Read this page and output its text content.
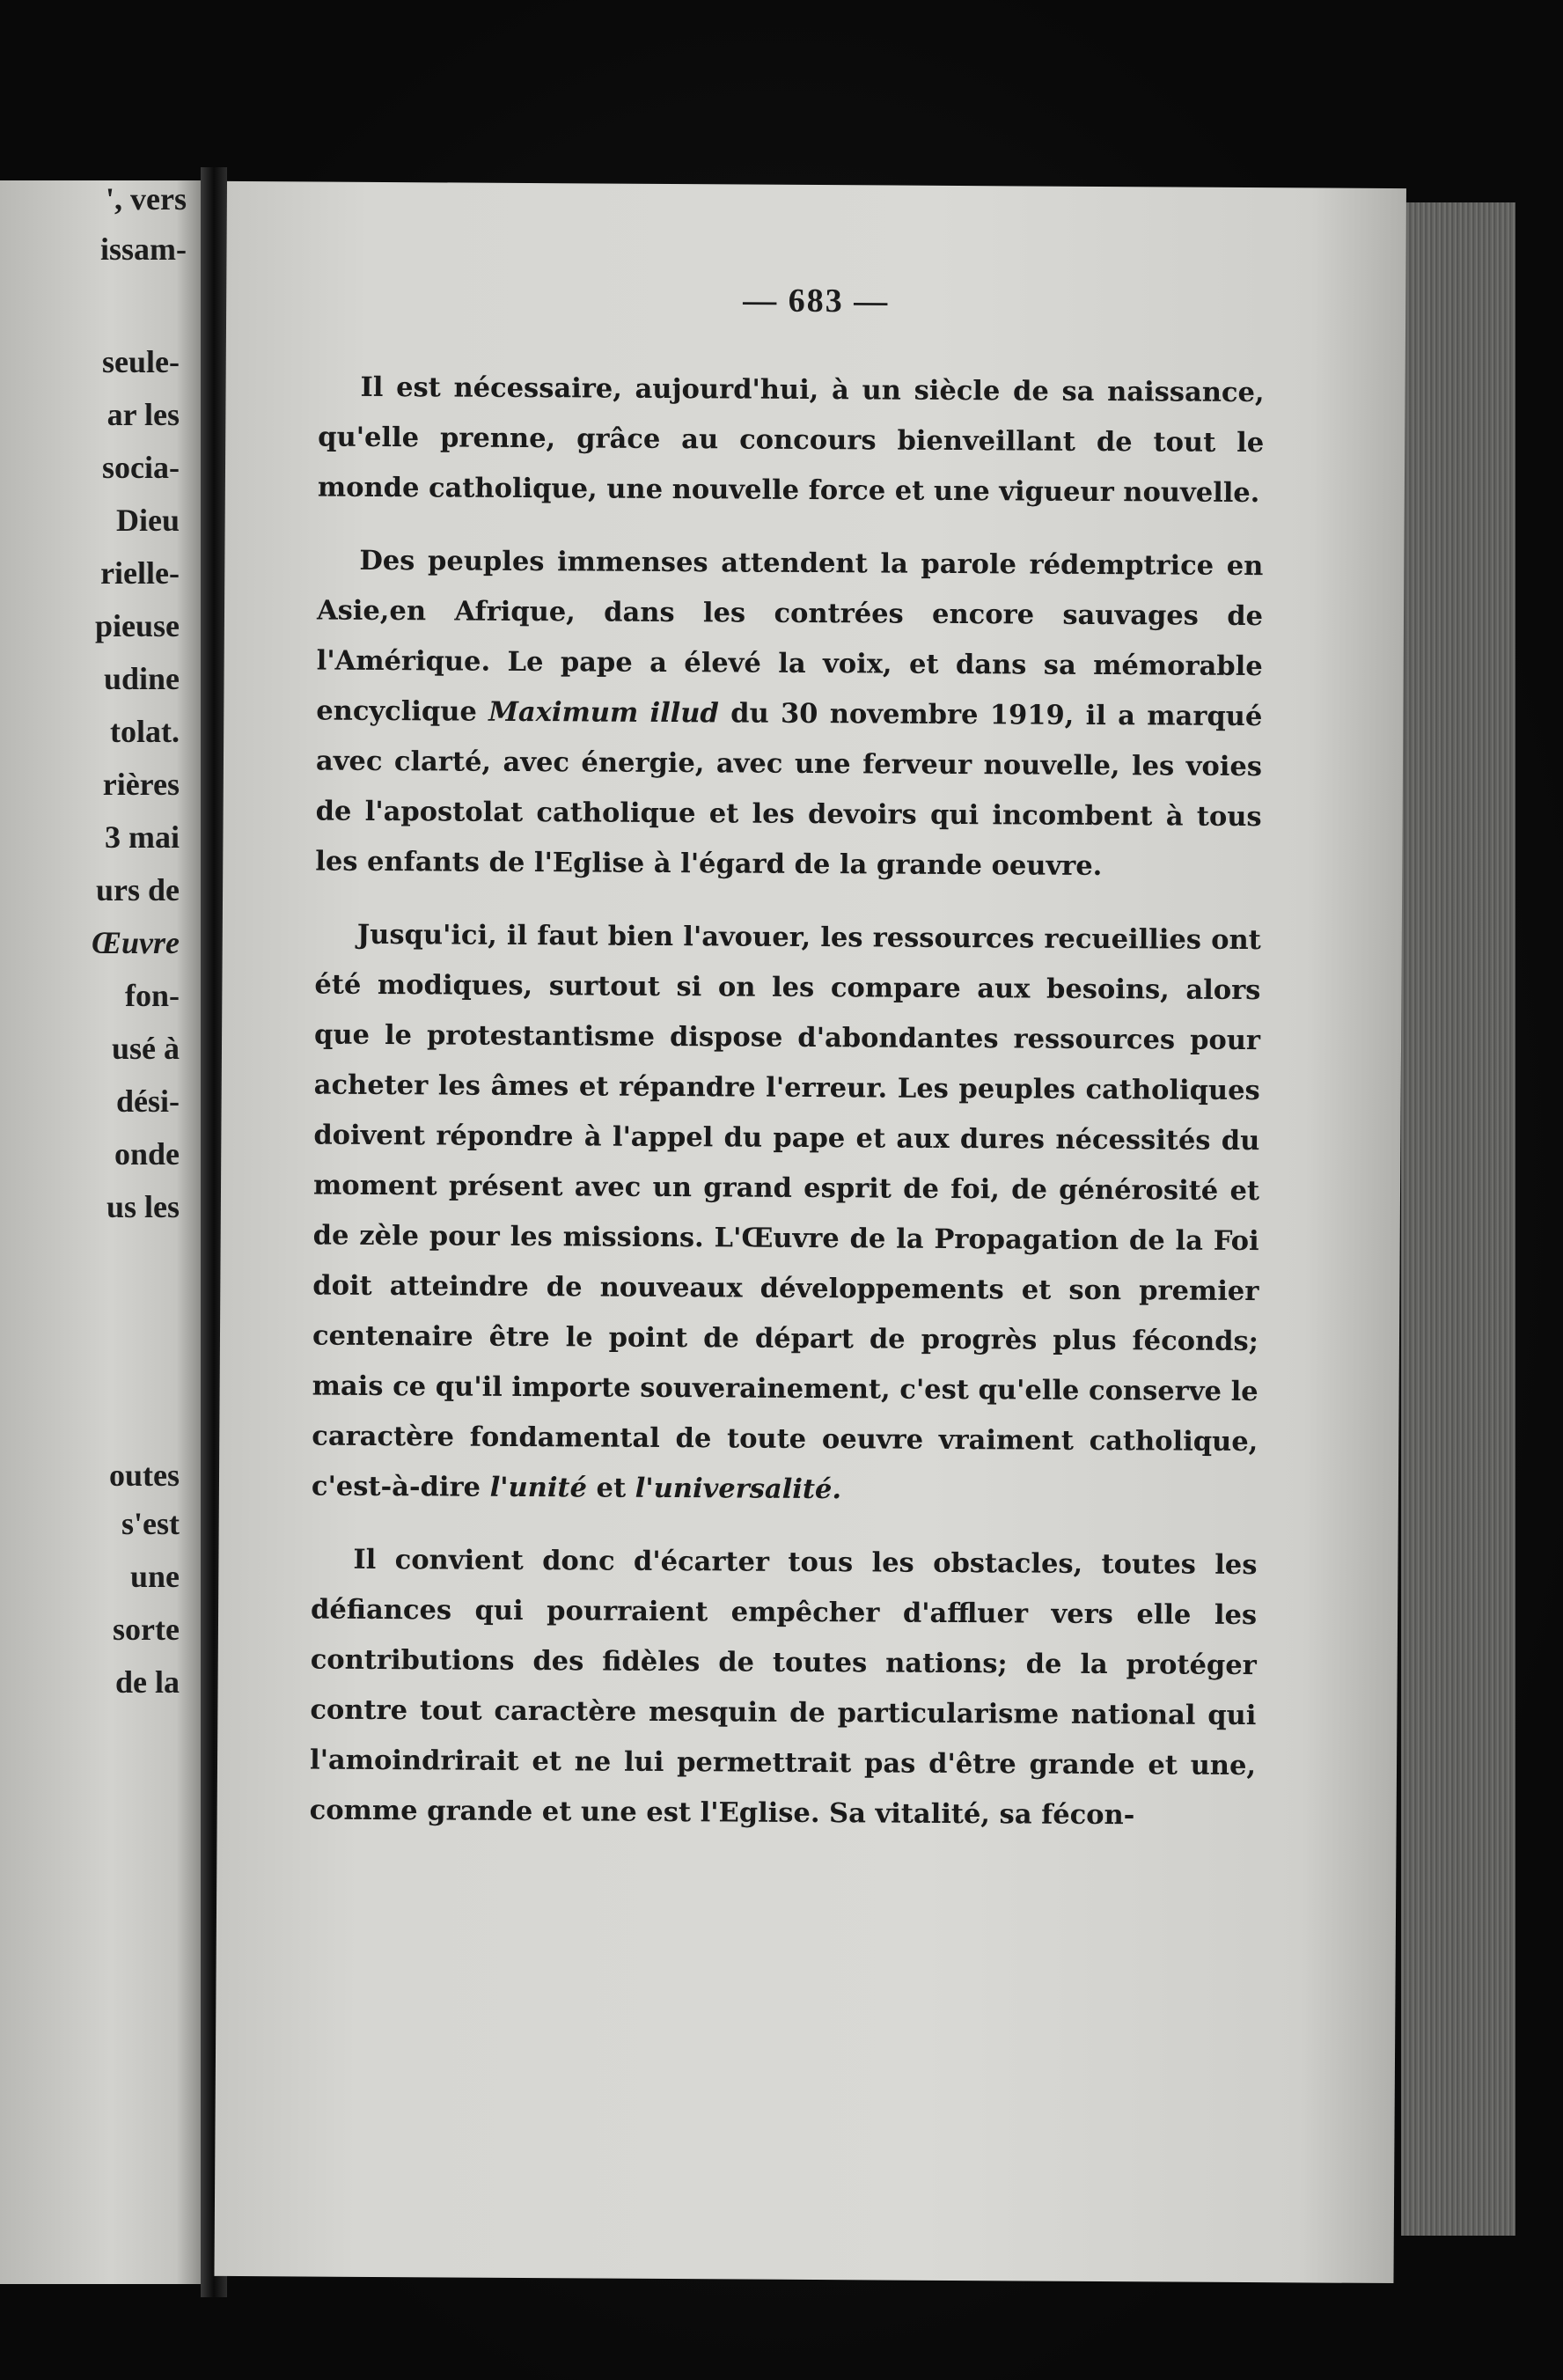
', vers
issam-
seule-
ar les
socia-
Dieu
rielle-
pieuse
udine
tolat.
rières
3 mai
urs de
Œuvre
fon-
usé à
dési-
onde
us les
outes
s'est
une
sorte
de la
— 683 —

Il est nécessaire, aujourd'hui, à un siècle de sa naissance, qu'elle prenne, grâce au concours bienveillant de tout le monde catholique, une nouvelle force et une vigueur nouvelle.

Des peuples immenses attendent la parole rédemptrice en Asie,en Afrique, dans les contrées encore sauvages de l'Amérique. Le pape a élevé la voix, et dans sa mémorable encyclique Maximum illud du 30 novembre 1919, il a marqué avec clarté, avec énergie, avec une ferveur nouvelle, les voies de l'apostolat catholique et les devoirs qui incombent à tous les enfants de l'Eglise à l'égard de la grande oeuvre.

Jusqu'ici, il faut bien l'avouer, les ressources recueillies ont été modiques, surtout si on les compare aux besoins, alors que le protestantisme dispose d'abondantes ressources pour acheter les âmes et répandre l'erreur. Les peuples catholiques doivent répondre à l'appel du pape et aux dures nécessités du moment présent avec un grand esprit de foi, de générosité et de zèle pour les missions. L'Œuvre de la Propagation de la Foi doit atteindre de nouveaux développements et son premier centenaire être le point de départ de progrès plus féconds; mais ce qu'il importe souverainement, c'est qu'elle conserve le caractère fondamental de toute oeuvre vraiment catholique, c'est-à-dire l'unité et l'universalité.

Il convient donc d'écarter tous les obstacles, toutes les défiances qui pourraient empêcher d'affluer vers elle les contributions des fidèles de toutes nations; de la protéger contre tout caractère mesquin de particularisme national qui l'amoindrirait et ne lui permettrait pas d'être grande et une, comme grande et une est l'Eglise. Sa vitalité, sa fécon-
